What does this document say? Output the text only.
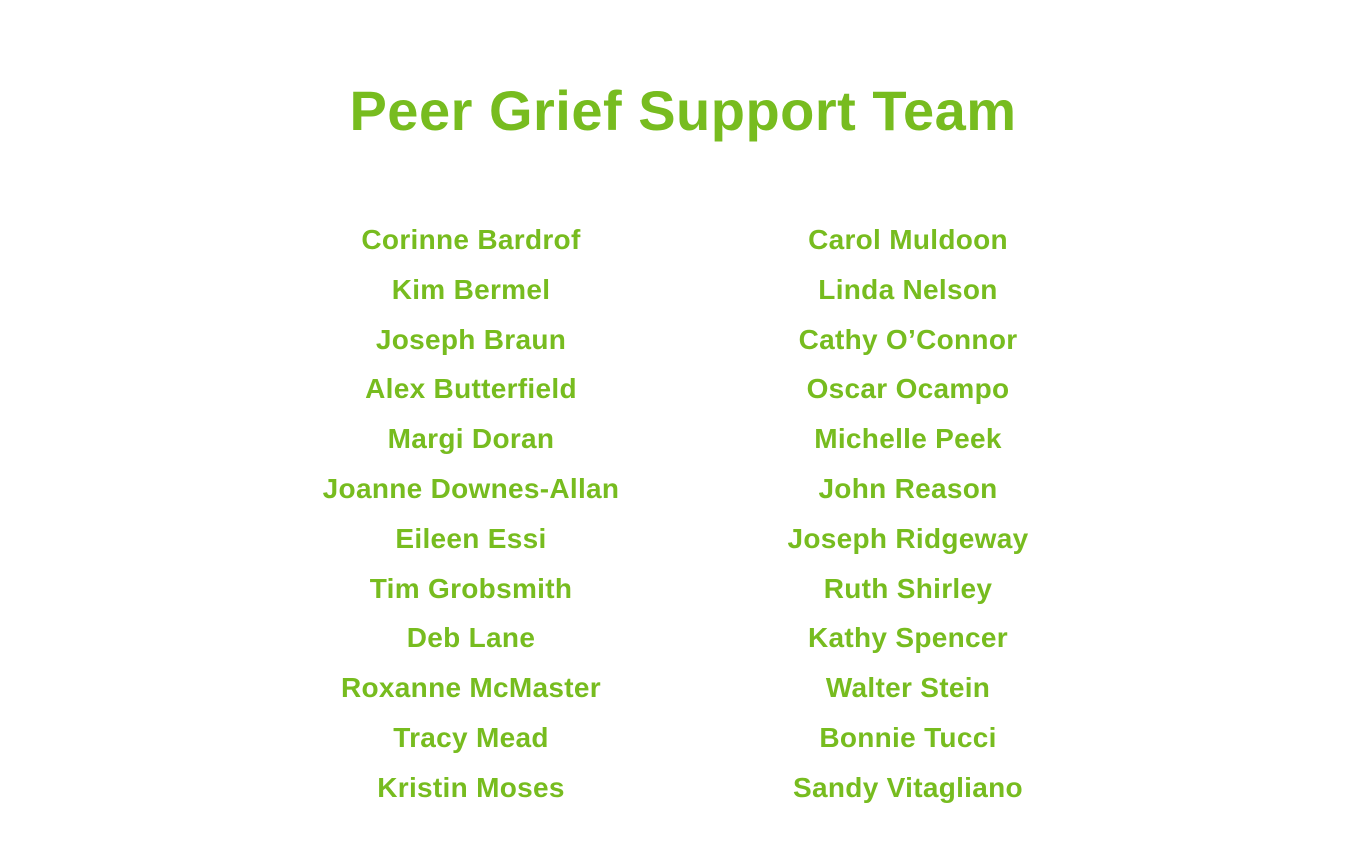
Peer Grief Support Team
Corinne Bardrof
Kim Bermel
Joseph Braun
Alex Butterfield
Margi Doran
Joanne Downes-Allan
Eileen Essi
Tim Grobsmith
Deb Lane
Roxanne McMaster
Tracy Mead
Kristin Moses
Carol Muldoon
Linda Nelson
Cathy O’Connor
Oscar Ocampo
Michelle Peek
John Reason
Joseph Ridgeway
Ruth Shirley
Kathy Spencer
Walter Stein
Bonnie Tucci
Sandy Vitagliano
